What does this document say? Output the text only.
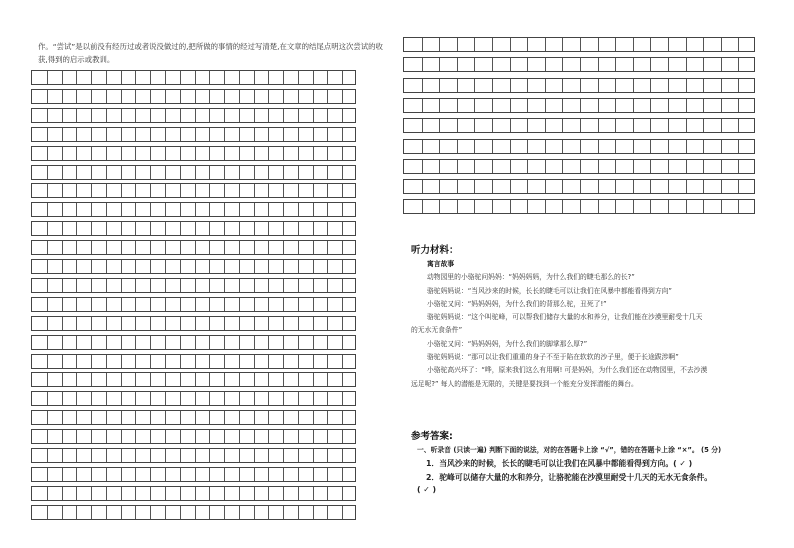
作。“尝试”是以前没有经历过或者说没做过的,把所做的事情的经过写清楚,在文章的结尾点明这次尝试的收获,得到的启示或教训。
听力材料：

寓言故事

动物园里的小骆驼问妈妈：“妈妈妈妈，为什么我们的睫毛那么的长?”

骆驼妈妈说：“当风沙来的时候，长长的睫毛可以让我们在风暴中都能看得到方向”

小骆驼又问：“妈妈妈妈，为什么我们的背那么驼，丑死了!”

骆驼妈妈说：“这个叫驼峰，可以帮我们储存大量的水和养分，让我们能在沙漠里耐受十几天

的无水无食条件”

小骆驼又问：“妈妈妈妈，为什么我们的脚掌那么厚?”

骆驼妈妈说：“那可以让我们重重的身子不至于陷在软软的沙子里，便于长途跋涉啊”

小骆驼高兴坏了：“哗，原来我们这么有用啊! 可是妈妈，为什么我们还在动物园里，不去沙漠

远足呢?” 每人的潜能是无限的，关键是要找到一个能充分发挥潜能的舞台。

参考答案:

一、听录音 (只读一遍) 判断下面的说法，对的在答题卡上涂 “√”，错的在答题卡上涂 “×”。 (5 分)

1．当风沙来的时候，长长的睫毛可以让我们在风暴中都能看得到方向。( ✓ )

2．驼峰可以储存大量的水和养分，让骆驼能在沙漠里耐受十几天的无水无食条件。

( ✓ )
